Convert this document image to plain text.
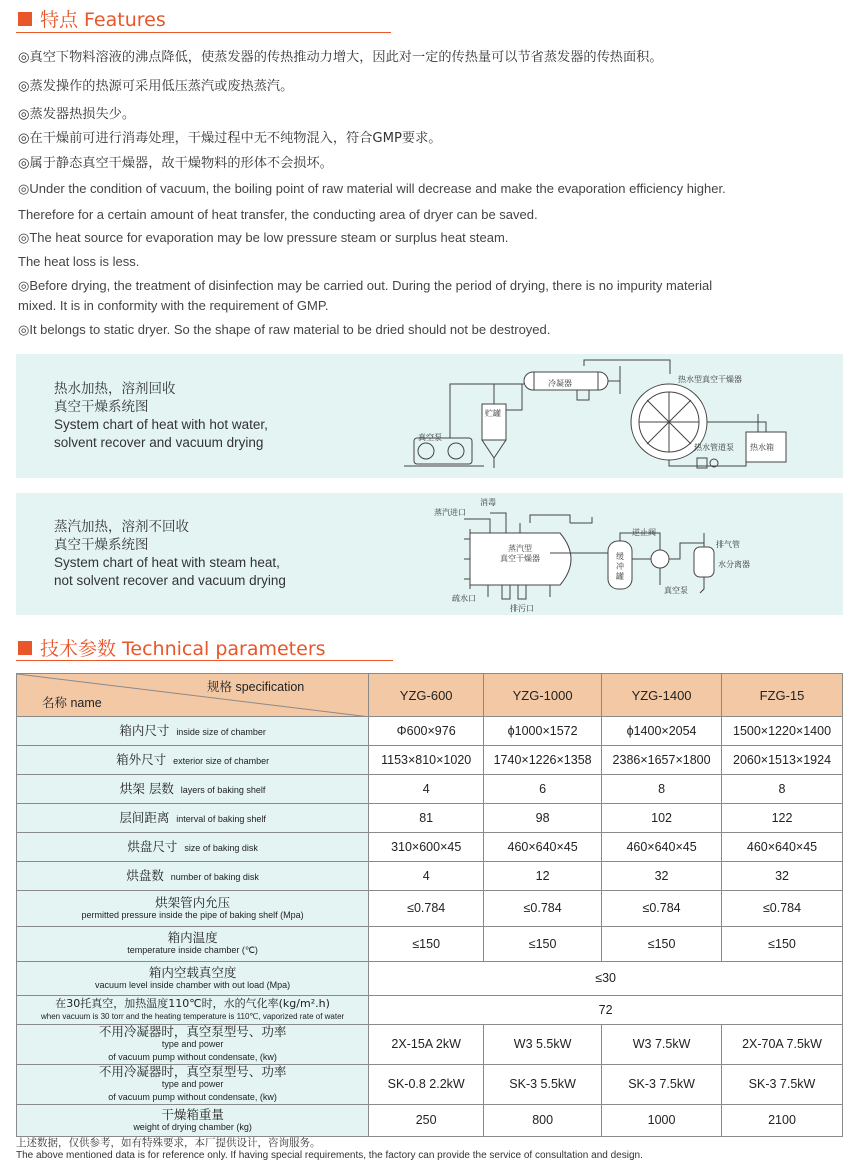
特点 Features
◎真空下物料溶液的沸点降低，使蒸发器的传热推动力增大，因此对一定的传热量可以节省蒸发器的传热面积。
◎蒸发操作的热源可采用低压蒸汽或废热蒸汽。
◎蒸发器热损失少。
◎在干燥前可进行消毒处理，干燥过程中无不纯物混入，符合GMP要求。
◎属于静态真空干燥器，故干燥物料的形体不会损坏。
◎Under the condition of vacuum, the boiling point of raw material will decrease and make the evaporation efficiency higher.
Therefore for a certain amount of heat transfer, the conducting area of dryer can be saved.
◎The heat source for evaporation may be low pressure steam or surplus heat steam.
The heat loss is less.
◎Before drying, the treatment of disinfection may be carried out. During the period of drying, there is no impurity material
mixed. It is in conformity with the requirement of GMP.
◎It belongs to static dryer. So the shape of raw material to be dried should not be destroyed.
热水加热，溶剂回收
真空干燥系统图
System chart of heat with hot water,
solvent recover and vacuum drying
冷凝器	热水型真空干燥器
贮罐
真空泵
热水管道泵 热水箱
蒸汽加热，溶剂不回收
真空干燥系统图
System chart of heat with steam heat,
not solvent recover and vacuum drying
消毒
蒸汽进口
蒸汽型
真空干燥器
逆止阀
排气管
缓
冲
罐
水分离器
疏水口
排污口
真空泵
技术参数 Technical parameters
规格 specification
名称 name	YZG-600	YZG-1000	YZG-1400	FZG-15
箱内尺寸 inside size of chamber	Φ600×976	ϕ1000×1572	ϕ1400×2054	1500×1220×1400
箱外尺寸 exterior size of chamber	1153×810×1020	1740×1226×1358	2386×1657×1800	2060×1513×1924
烘架 层数 layers of baking shelf	4	6	8	8
层间距离 interval of baking shelf	81	98	102	122
烘盘尺寸 size of baking disk	310×600×45	460×640×45	460×640×45	460×640×45
烘盘数 number of baking disk	4	12	32	32

烘架管内允压
permitted pressure inside the pipe of baking shelf (Mpa)	≤0.784	≤0.784	≤0.784	≤0.784

箱内温度
temperature inside chamber (℃)	≤150	≤150	≤150	≤150

箱内空载真空度
vacuum level inside chamber with out load (Mpa)	≤30			

在30托真空，加热温度110℃时，水的气化率(kg/m².h)
when vacuum is 30 torr and the heating temperature is 110℃, vaporized rate of water	72			

不用冷凝器时，真空泵型号、功率
type and power
of vacuum pump without condensate, (kw)	2X-15A 2kW	W3 5.5kW	W3 7.5kW	2X-70A 7.5kW

不用冷凝器时，真空泵型号、功率
type and power
of vacuum pump without condensate, (kw)	SK-0.8 2.2kW	SK-3 5.5kW	SK-3 7.5kW	SK-3 7.5kW

干燥箱重量
weight of drying chamber (kg)	250	800	1000	2100
上述数据，仅供参考，如有特殊要求，本厂提供设计，咨询服务。
The above mentioned data is for reference only. If having special requirements, the factory can provide the service of consultation and design.
